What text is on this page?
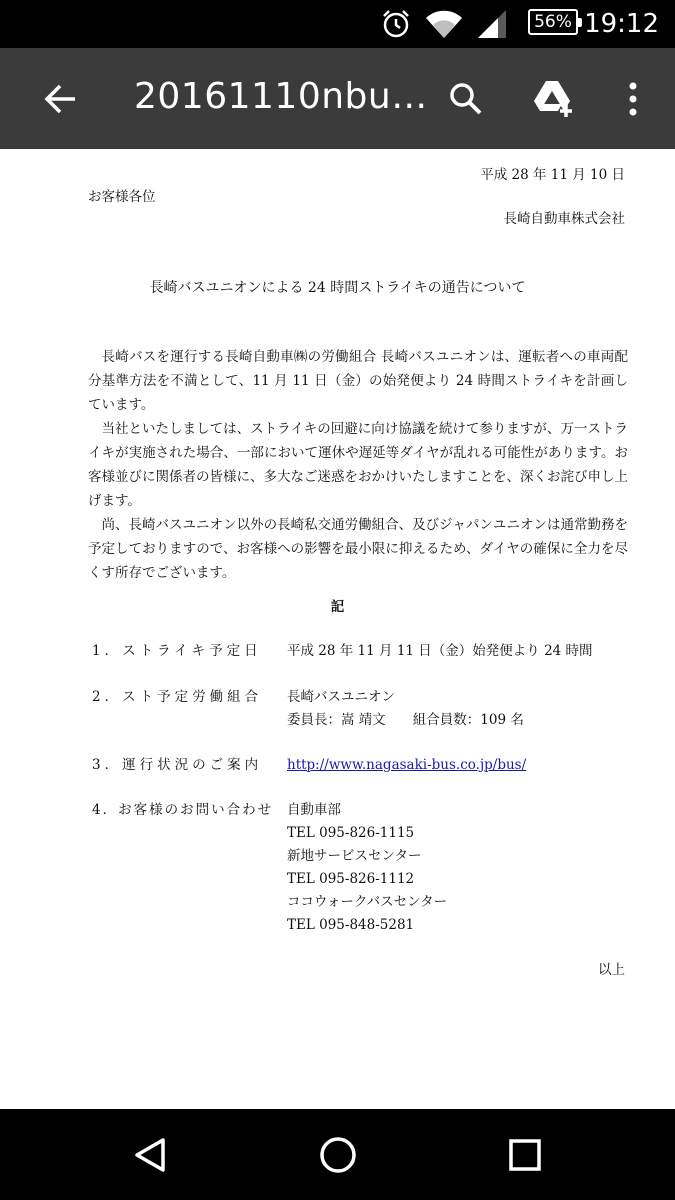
56% 19:12
20161110nbu…
平成 28 年 11 月 10 日
お客様各位
長崎自動車株式会社
長崎バスユニオンによる 24 時間ストライキの通告について

長崎バスを運行する長崎自動車㈱の労働組合 長崎バスユニオンは、運転者への車両配分基準方法を不満として、11 月 11 日（金）の始発便より 24 時間ストライキを計画しています。

当社といたしましては、ストライキの回避に向け協議を続けて参りますが、万一ストライキが実施された場合、一部において運休や遅延等ダイヤが乱れる可能性があります。お客様並びに関係者の皆様に、多大なご迷惑をおかけいたしますことを、深くお詫び申し上げます。

尚、長崎バスユニオン以外の長崎私交通労働組合、及びジャパンユニオンは通常勤務を予定しておりますので、お客様への影響を最小限に抑えるため、ダイヤの確保に全力を尽くす所存でございます。

記
1．ストライキ予定日 平成 28 年 11 月 11 日（金）始発便より 24 時間
2．スト予定労働組合 長崎バスユニオン
委員長：嵩 靖文　　組合員数：109 名
3．運行状況のご案内 http://www.nagasaki-bus.co.jp/bus/
4．お客様のお問い合わせ 自動車部
TEL 095-826-1115
新地サービスセンター
TEL 095-826-1112
ココウォークバスセンター
TEL 095-848-5281
以上
